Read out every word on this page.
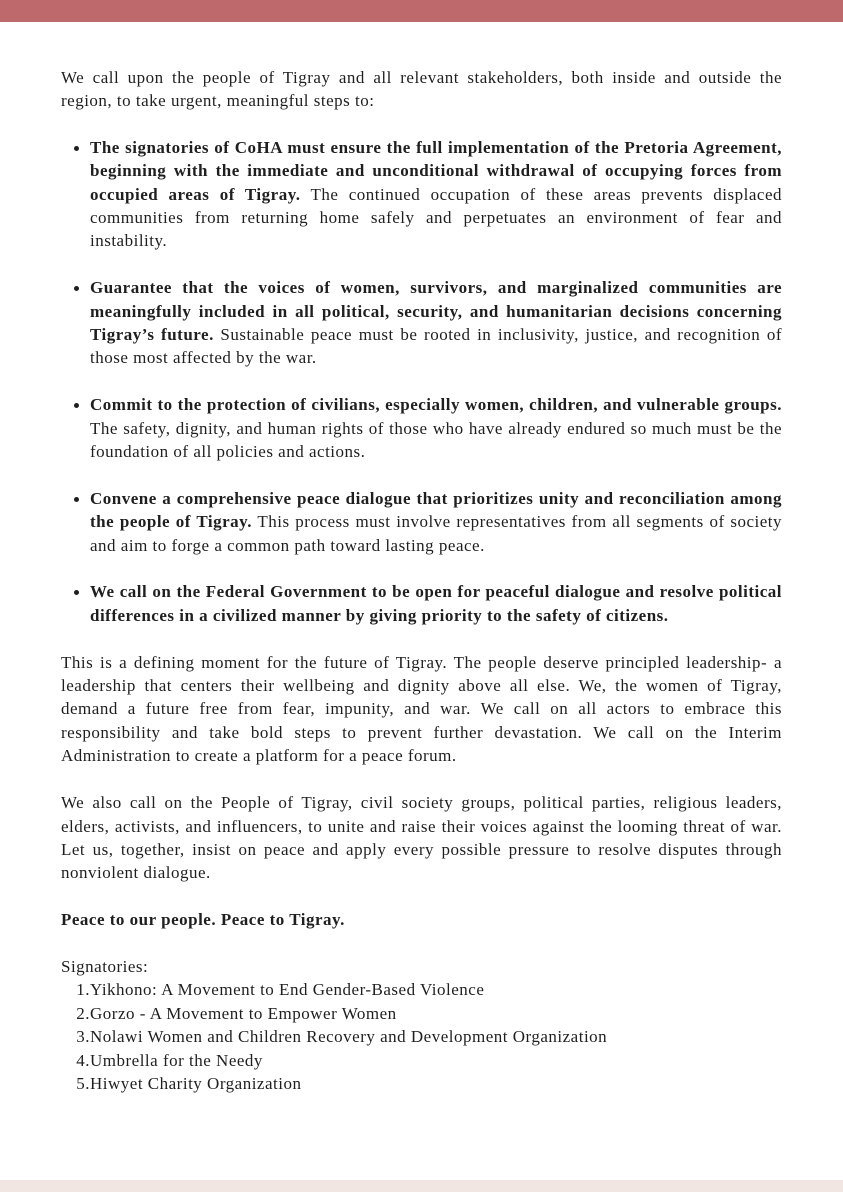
We call upon the people of Tigray and all relevant stakeholders, both inside and outside the region, to take urgent, meaningful steps to:

The signatories of CoHA must ensure the full implementation of the Pretoria Agreement, beginning with the immediate and unconditional withdrawal of occupying forces from occupied areas of Tigray. The continued occupation of these areas prevents displaced communities from returning home safely and perpetuates an environment of fear and instability.

Guarantee that the voices of women, survivors, and marginalized communities are meaningfully included in all political, security, and humanitarian decisions concerning Tigray’s future. Sustainable peace must be rooted in inclusivity, justice, and recognition of those most affected by the war.

Commit to the protection of civilians, especially women, children, and vulnerable groups. The safety, dignity, and human rights of those who have already endured so much must be the foundation of all policies and actions.

Convene a comprehensive peace dialogue that prioritizes unity and reconciliation among the people of Tigray. This process must involve representatives from all segments of society and aim to forge a common path toward lasting peace.

We call on the Federal Government to be open for peaceful dialogue and resolve political differences in a civilized manner by giving priority to the safety of citizens.

This is a defining moment for the future of Tigray. The people deserve principled leadership- a leadership that centers their wellbeing and dignity above all else. We, the women of Tigray, demand a future free from fear, impunity, and war. We call on all actors to embrace this responsibility and take bold steps to prevent further devastation. We call on the Interim Administration to create a platform for a peace forum.

We also call on the People of Tigray, civil society groups, political parties, religious leaders, elders, activists, and influencers, to unite and raise their voices against the looming threat of war. Let us, together, insist on peace and apply every possible pressure to resolve disputes through nonviolent dialogue.

Peace to our people. Peace to Tigray.

Signatories:

1. Yikhono: A Movement to End Gender-Based Violence
2. Gorzo - A Movement to Empower Women
3. Nolawi Women and Children Recovery and Development Organization
4. Umbrella for the Needy
5. Hiwyet Charity Organization
